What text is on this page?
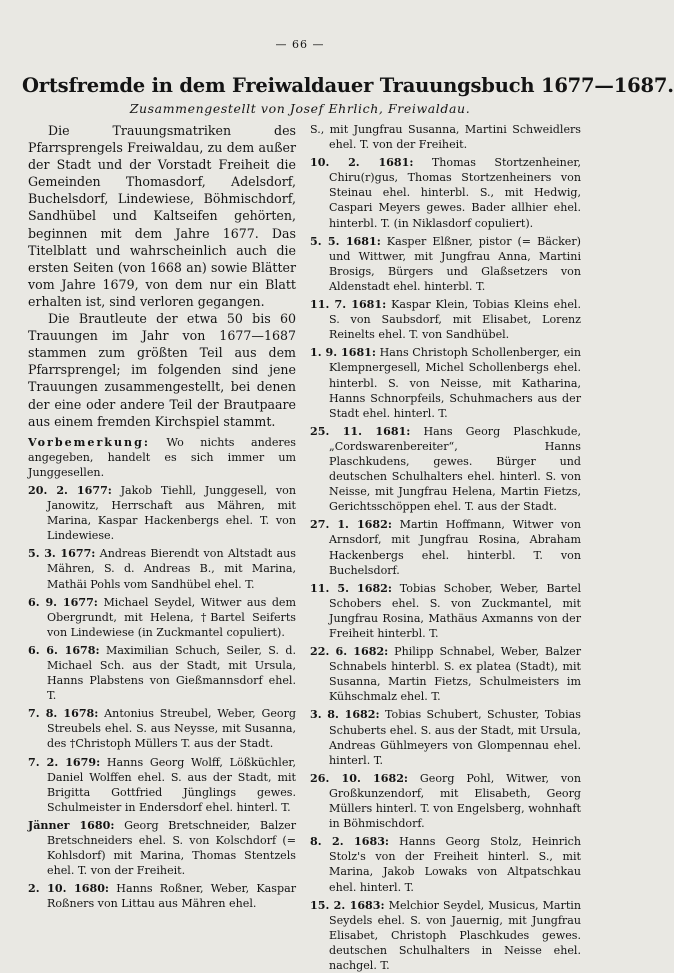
— 66 —
Ortsfremde in dem Freiwaldauer Trauungsbuch 1677—1687.
Zusammengestellt von Josef Ehrlich, Freiwaldau.

Die Trauungsmatriken des Pfarrsprengels Freiwaldau, zu dem außer der Stadt und der Vorstadt Freiheit die Gemeinden Thomasdorf, Adelsdorf, Buchelsdorf, Lindewiese, Böhmischdorf, Sandhübel und Kaltseifen gehörten, beginnen mit dem Jahre 1677. Das Titelblatt und wahrscheinlich auch die ersten Seiten (von 1668 an) sowie Blätter vom Jahre 1679, von dem nur ein Blatt erhalten ist, sind verloren gegangen.

Die Brautleute der etwa 50 bis 60 Trauungen im Jahr von 1677—1687 stammen zum größten Teil aus dem Pfarrsprengel; im folgenden sind jene Trauungen zusammengestellt, bei denen der eine oder andere Teil der Brautpaare aus einem fremden Kirchspiel stammt.

Vorbemerkung: Wo nichts anderes angegeben, handelt es sich immer um Junggesellen.

20. 2. 1677: Jakob Tiehll, Junggesell, von Janowitz, Herrschaft aus Mähren, mit Marina, Kaspar Hackenbergs ehel. T. von Lindewiese.

5. 3. 1677: Andreas Bierendt von Altstadt aus Mähren, S. d. Andreas B., mit Marina, Mathäi Pohls vom Sandhübel ehel. T.

6. 9. 1677: Michael Seydel, Witwer aus dem Obergrundt, mit Helena, †Bartel Seiferts von Lindewiese (in Zuckmantel copuliert).

6. 6. 1678: Maximilian Schuch, Seiler, S. d. Michael Sch. aus der Stadt, mit Ursula, Hanns Plabstens von Gießmannsdorf ehel. T.

7. 8. 1678: Antonius Streubel, Weber, Georg Streubels ehel. S. aus Neysse, mit Susanna, des †Christoph Müllers T. aus der Stadt.

7. 2. 1679: Hanns Georg Wolff, Lößküchler, Daniel Wolffen ehel. S. aus der Stadt, mit Brigitta Gottfried Jünglings gewes. Schulmeister in Endersdorf ehel. hinterl. T.

Jänner 1680: Georg Bretschneider, Balzer Bretschneiders ehel. S. von Kolschdorf (= Kohlsdorf) mit Marina, Thomas Stentzels ehel. T. von der Freiheit.

2. 10. 1680: Hanns Roßner, Weber, Kaspar Roßners von Littau aus Mähren ehel.

S., mit Jungfrau Susanna, Martini Schweidlers ehel. T. von der Freiheit.

10. 2. 1681: Thomas Stortzenheiner, Chiru(r)gus, Thomas Stortzenheiners von Steinau ehel. hinterbl. S., mit Hedwig, Caspari Meyers gewes. Bader allhier ehel. hinterbl. T. (in Niklasdorf copuliert).

5. 5. 1681: Kasper Elßner, pistor (= Bäcker) und Wittwer, mit Jungfrau Anna, Martini Brosigs, Bürgers und Glaßsetzers von Aldenstadt ehel. hinterbl. T.

11. 7. 1681: Kaspar Klein, Tobias Kleins ehel. S. von Saubsdorf, mit Elisabet, Lorenz Reinelts ehel. T. von Sandhübel.

1. 9. 1681: Hans Christoph Schollenberger, ein Klempnergesell, Michel Schollenbergs ehel. hinterbl. S. von Neisse, mit Katharina, Hanns Schnorpfeils, Schuhmachers aus der Stadt ehel. hinterl. T.

25. 11. 1681: Hans Georg Plaschkude, „Cordswarenbereiter“, Hanns Plaschkudens, gewes. Bürger und deutschen Schulhalters ehel. hinterl. S. von Neisse, mit Jungfrau Helena, Martin Fietzs, Gerichtsschöppen ehel. T. aus der Stadt.

27. 1. 1682: Martin Hoffmann, Witwer von Arnsdorf, mit Jungfrau Rosina, Abraham Hackenbergs ehel. hinterbl. T. von Buchelsdorf.

11. 5. 1682: Tobias Schober, Weber, Bartel Schobers ehel. S. von Zuckmantel, mit Jungfrau Rosina, Mathäus Axmanns von der Freiheit hinterbl. T.

22. 6. 1682: Philipp Schnabel, Weber, Balzer Schnabels hinterbl. S. ex platea (Stadt), mit Susanna, Martin Fietzs, Schulmeisters im Kühschmalz ehel. T.

3. 8. 1682: Tobias Schubert, Schuster, Tobias Schuberts ehel. S. aus der Stadt, mit Ursula, Andreas Gühlmeyers von Glompennau ehel. hinterl. T.

26. 10. 1682: Georg Pohl, Witwer, von Großkunzendorf, mit Elisabeth, Georg Müllers hinterl. T. von Engelsberg, wohnhaft in Böhmischdorf.

8. 2. 1683: Hanns Georg Stolz, Heinrich Stolz's von der Freiheit hinterl. S., mit Marina, Jakob Lowaks von Altpatschkau ehel. hinterl. T.

15. 2. 1683: Melchior Seydel, Musicus, Martin Seydels ehel. S. von Jauernig, mit Jungfrau Elisabet, Christoph Plaschkudes gewes. deutschen Schulhalters in Neisse ehel. nachgel. T.
